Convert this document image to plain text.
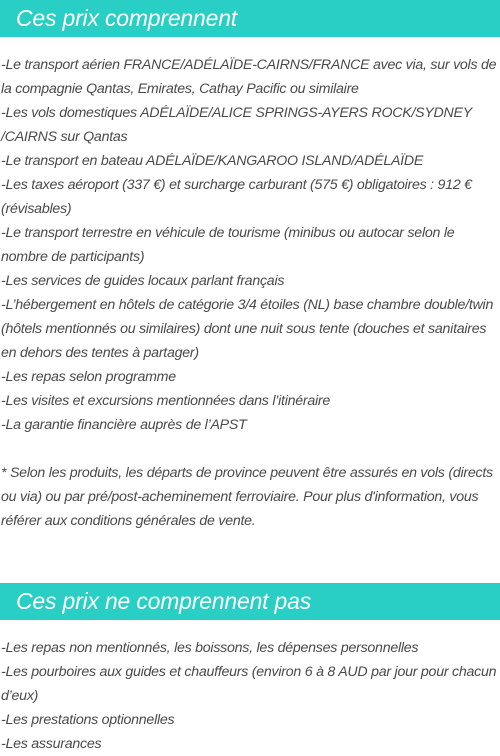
Ces prix comprennent

-Le transport aérien FRANCE/ADÉLAÏDE-CAIRNS/FRANCE avec via, sur vols de la compagnie Qantas, Emirates, Cathay Pacific ou similaire

-Les vols domestiques ADÉLAÏDE/ALICE SPRINGS-AYERS ROCK/SYDNEY /CAIRNS sur Qantas

-Le transport en bateau ADÉLAÏDE/KANGAROO ISLAND/ADÉLAÏDE

-Les taxes aéroport (337 €) et surcharge carburant (575 €) obligatoires : 912 € (révisables)

-Le transport terrestre en véhicule de tourisme (minibus ou autocar selon le nombre de participants)

-Les services de guides locaux parlant français

-L’hébergement en hôtels de catégorie 3/4 étoiles (NL) base chambre double/twin (hôtels mentionnés ou similaires) dont une nuit sous tente (douches et sanitaires en dehors des tentes à partager)

-Les repas selon programme

-Les visites et excursions mentionnées dans l’itinéraire

-La garantie financière auprès de l’APST

* Selon les produits, les départs de province peuvent être assurés en vols (directs ou via) ou par pré/post-acheminement ferroviaire. Pour plus d'information, vous référer aux conditions générales de vente.

Ces prix ne comprennent pas

-Les repas non mentionnés, les boissons, les dépenses personnelles

-Les pourboires aux guides et chauffeurs (environ 6 à 8 AUD par jour pour chacun d’eux)

-Les prestations optionnelles

-Les assurances
